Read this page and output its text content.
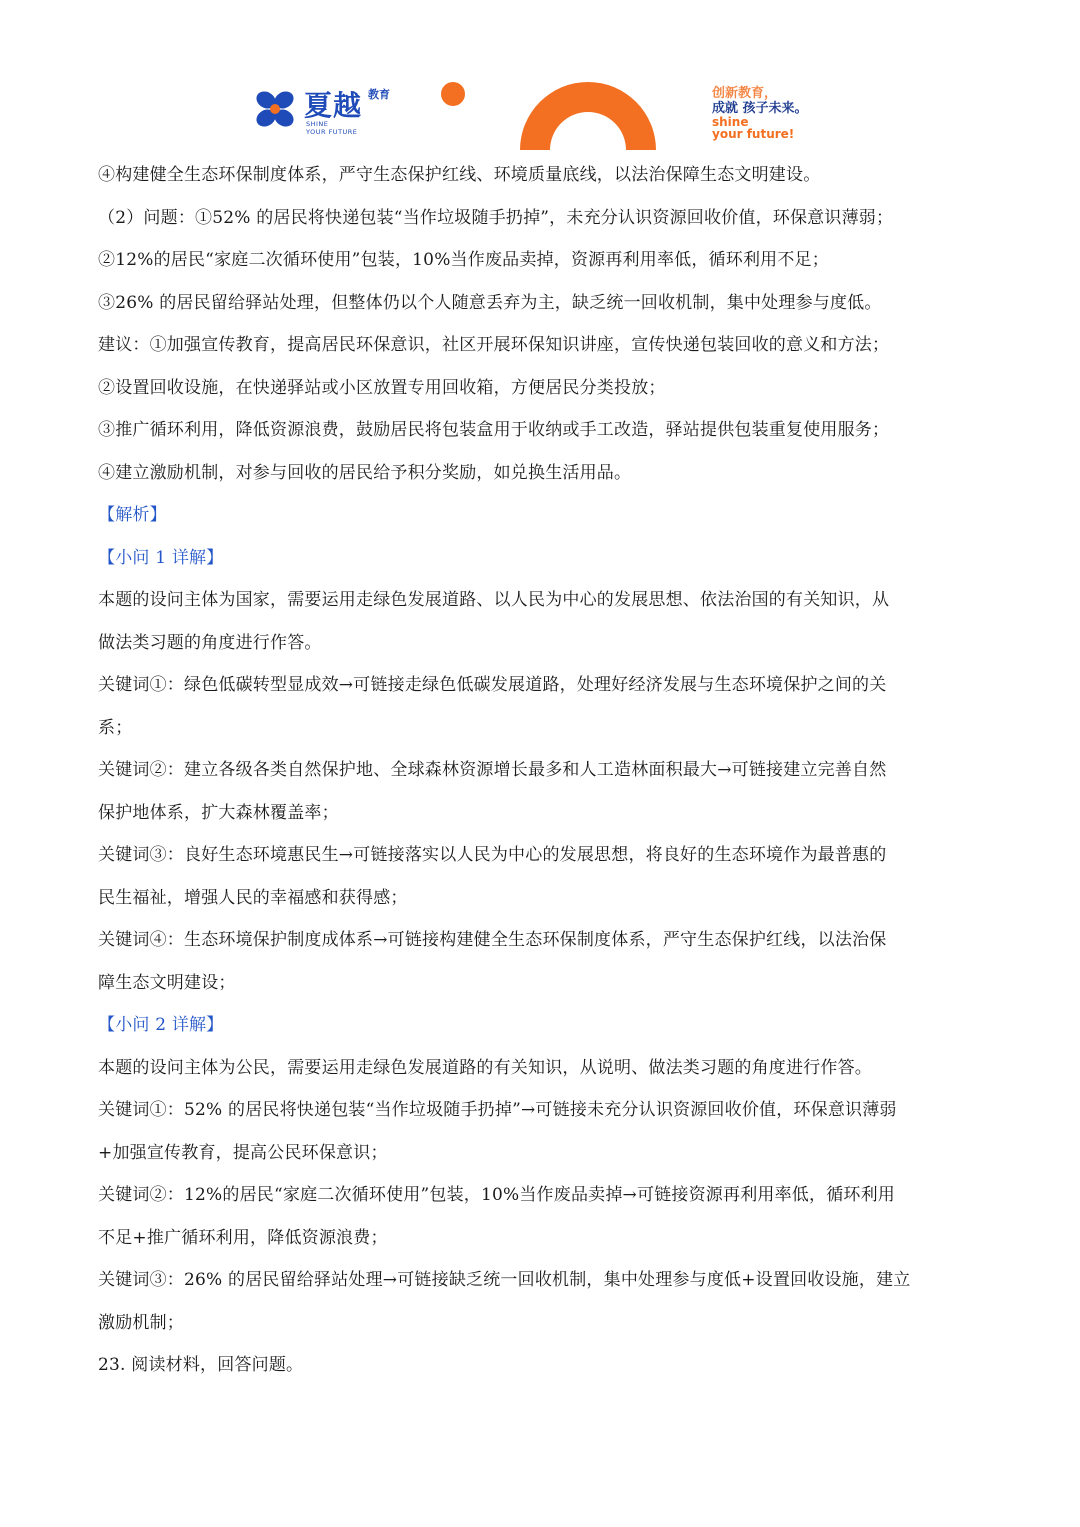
夏越 教育
SHINE
YOUR FUTURE
创新教育，
成就 孩子未来。
shine
your future!
④构建健全生态环保制度体系，严守生态保护红线、环境质量底线，以法治保障生态文明建设。
（2）问题：①52% 的居民将快递包装“当作垃圾随手扔掉”，未充分认识资源回收价值，环保意识薄弱；
②12%的居民“家庭二次循环使用”包装，10%当作废品卖掉，资源再利用率低，循环利用不足；
③26% 的居民留给驿站处理，但整体仍以个人随意丢弃为主，缺乏统一回收机制，集中处理参与度低。
建议：①加强宣传教育，提高居民环保意识，社区开展环保知识讲座，宣传快递包装回收的意义和方法；
②设置回收设施，在快递驿站或小区放置专用回收箱，方便居民分类投放；
③推广循环利用，降低资源浪费，鼓励居民将包装盒用于收纳或手工改造，驿站提供包装重复使用服务；
④建立激励机制，对参与回收的居民给予积分奖励，如兑换生活用品。
【解析】
【小问 1 详解】
本题的设问主体为国家，需要运用走绿色发展道路、以人民为中心的发展思想、依法治国的有关知识，从
做法类习题的角度进行作答。
关键词①：绿色低碳转型显成效→可链接走绿色低碳发展道路，处理好经济发展与生态环境保护之间的关
系；
关键词②：建立各级各类自然保护地、全球森林资源增长最多和人工造林面积最大→可链接建立完善自然
保护地体系，扩大森林覆盖率；
关键词③：良好生态环境惠民生→可链接落实以人民为中心的发展思想，将良好的生态环境作为最普惠的
民生福祉，增强人民的幸福感和获得感；
关键词④：生态环境保护制度成体系→可链接构建健全生态环保制度体系，严守生态保护红线，以法治保
障生态文明建设；
【小问 2 详解】
本题的设问主体为公民，需要运用走绿色发展道路的有关知识，从说明、做法类习题的角度进行作答。
关键词①：52% 的居民将快递包装“当作垃圾随手扔掉”→可链接未充分认识资源回收价值，环保意识薄弱
+加强宣传教育，提高公民环保意识；
关键词②：12%的居民“家庭二次循环使用”包装，10%当作废品卖掉→可链接资源再利用率低，循环利用
不足+推广循环利用，降低资源浪费；
关键词③：26% 的居民留给驿站处理→可链接缺乏统一回收机制，集中处理参与度低+设置回收设施，建立
激励机制；
23. 阅读材料，回答问题。
